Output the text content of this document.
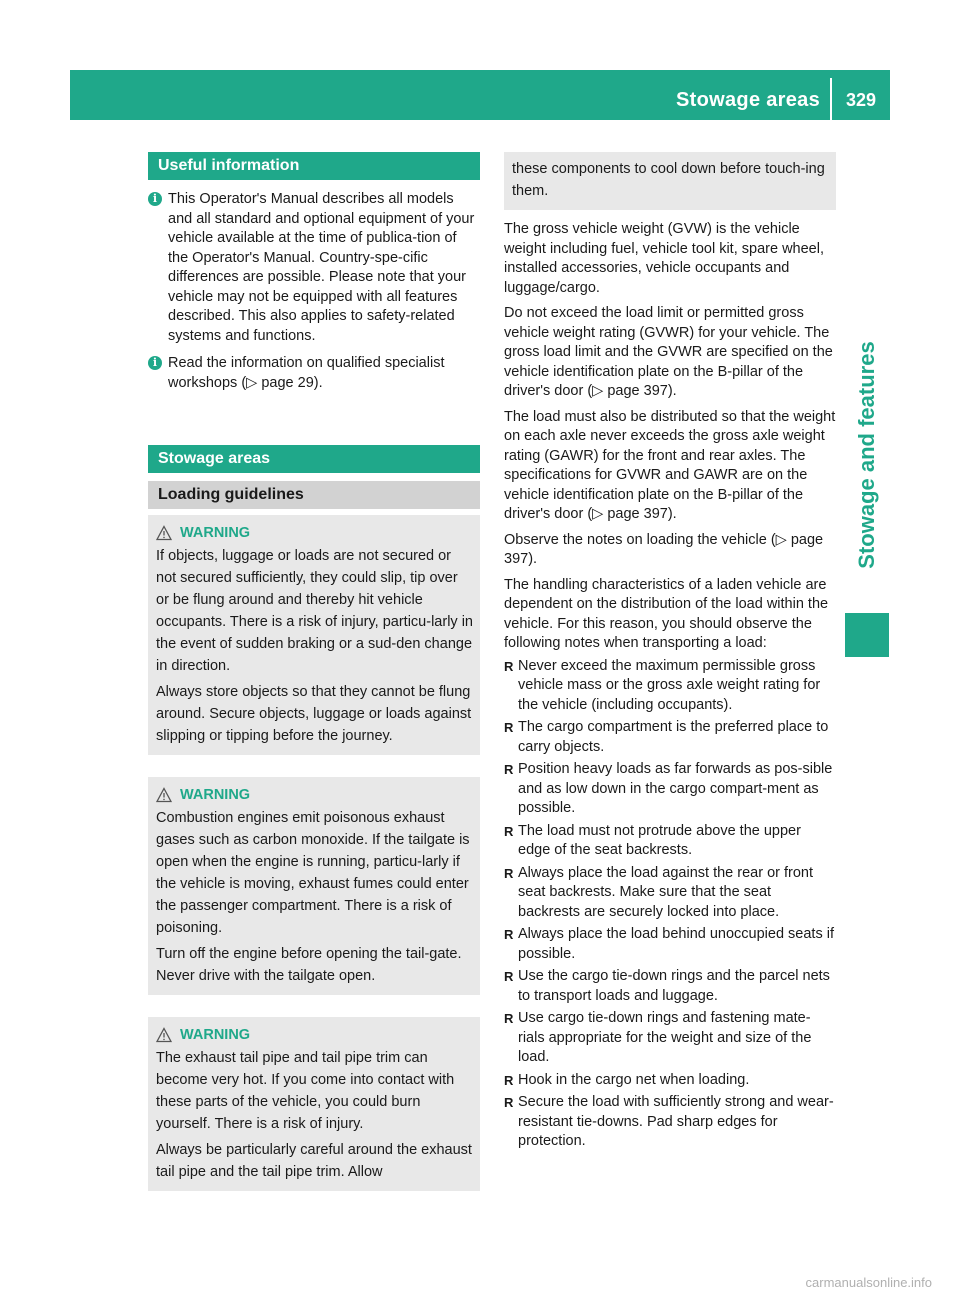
Stowage areas	329
Stowage and features
Useful information
i This Operator's Manual describes all models and all standard and optional equipment of your vehicle available at the time of publica-tion of the Operator's Manual. Country-spe-cific differences are possible. Please note that your vehicle may not be equipped with all features described. This also applies to safety-related systems and functions.

i Read the information on qualified specialist workshops (▷ page 29).

Stowage areas
Loading guidelines
WARNING

If objects, luggage or loads are not secured or not secured sufficiently, they could slip, tip over or be flung around and thereby hit vehicle occupants. There is a risk of injury, particu-larly in the event of sudden braking or a sud-den change in direction.

Always store objects so that they cannot be flung around. Secure objects, luggage or loads against slipping or tipping before the journey.

WARNING

Combustion engines emit poisonous exhaust gases such as carbon monoxide. If the tailgate is open when the engine is running, particu-larly if the vehicle is moving, exhaust fumes could enter the passenger compartment. There is a risk of poisoning.

Turn off the engine before opening the tail-gate. Never drive with the tailgate open.

WARNING

The exhaust tail pipe and tail pipe trim can become very hot. If you come into contact with these parts of the vehicle, you could burn yourself. There is a risk of injury.

Always be particularly careful around the exhaust tail pipe and the tail pipe trim. Allow

these components to cool down before touch-ing them.

The gross vehicle weight (GVW) is the vehicle weight including fuel, vehicle tool kit, spare wheel, installed accessories, vehicle occupants and luggage/cargo.

Do not exceed the load limit or permitted gross vehicle weight rating (GVWR) for your vehicle. The gross load limit and the GVWR are specified on the vehicle identification plate on the B-pillar of the driver's door (▷ page 397).

The load must also be distributed so that the weight on each axle never exceeds the gross axle weight rating (GAWR) for the front and rear axles. The specifications for GVWR and GAWR are on the vehicle identification plate on the B-pillar of the driver's door (▷ page 397).

Observe the notes on loading the vehicle (▷ page 397).

The handling characteristics of a laden vehicle are dependent on the distribution of the load within the vehicle. For this reason, you should observe the following notes when transporting a load:

R Never exceed the maximum permissible gross vehicle mass or the gross axle weight rating for the vehicle (including occupants).
R The cargo compartment is the preferred place to carry objects.
R Position heavy loads as far forwards as pos-sible and as low down in the cargo compart-ment as possible.
R The load must not protrude above the upper edge of the seat backrests.
R Always place the load against the rear or front seat backrests. Make sure that the seat backrests are securely locked into place.
R Always place the load behind unoccupied seats if possible.
R Use the cargo tie-down rings and the parcel nets to transport loads and luggage.
R Use cargo tie-down rings and fastening mate-rials appropriate for the weight and size of the load.
R Hook in the cargo net when loading.
R Secure the load with sufficiently strong and wear-resistant tie-downs. Pad sharp edges for protection.
carmanualsonline.info
